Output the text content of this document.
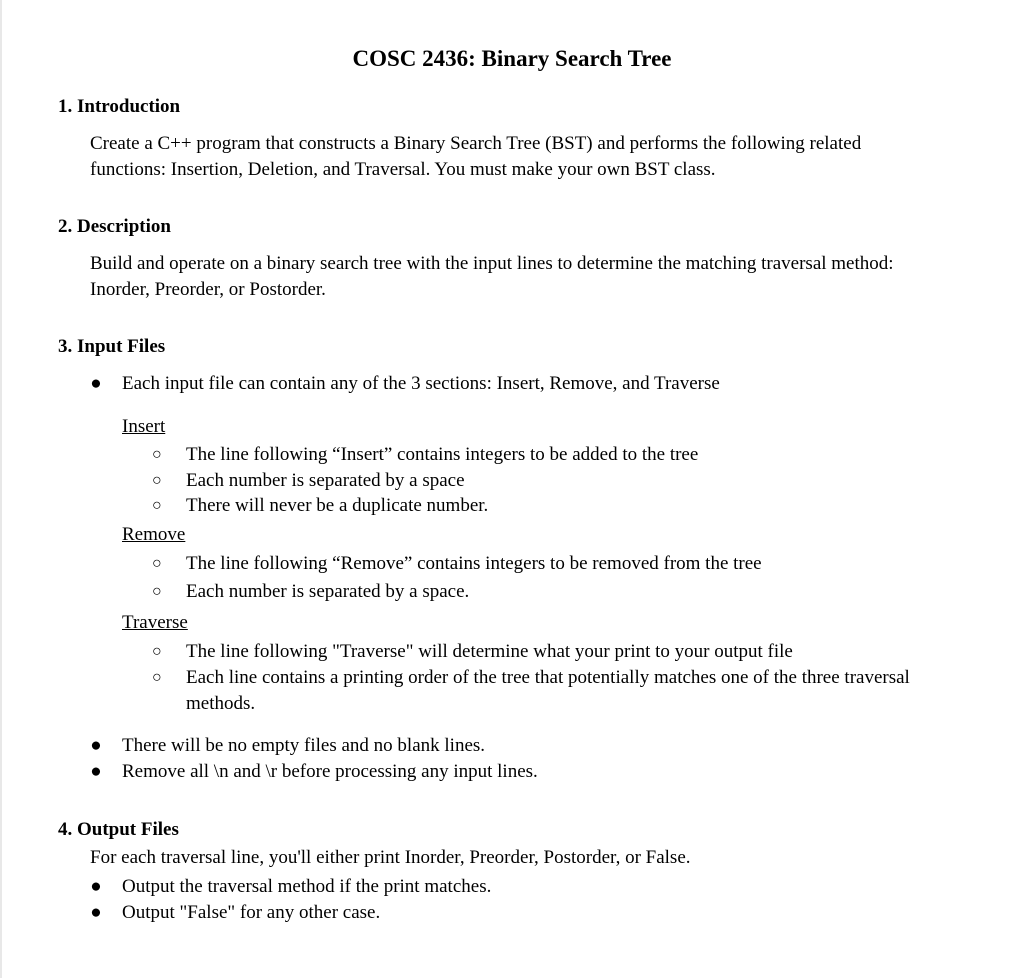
COSC 2436: Binary Search Tree
1. Introduction

Create a C++ program that constructs a Binary Search Tree (BST) and performs the following related functions: Insertion, Deletion, and Traversal. You must make your own BST class.

2. Description

Build and operate on a binary search tree with the input lines to determine the matching traversal method: Inorder, Preorder, or Postorder.

3. Input Files
● Each input file can contain any of the 3 sections: Insert, Remove, and Traverse
Insert
○ The line following “Insert” contains integers to be added to the tree
○ Each number is separated by a space
○ There will never be a duplicate number.
Remove
○ The line following “Remove” contains integers to be removed from the tree
○ Each number is separated by a space.
Traverse
○ The line following "Traverse" will determine what your print to your output file
○ Each line contains a printing order of the tree that potentially matches one of the three traversal methods.
● There will be no empty files and no blank lines.
● Remove all \n and \r before processing any input lines.
4. Output Files

For each traversal line, you'll either print Inorder, Preorder, Postorder, or False.

● Output the traversal method if the print matches.
● Output "False" for any other case.
